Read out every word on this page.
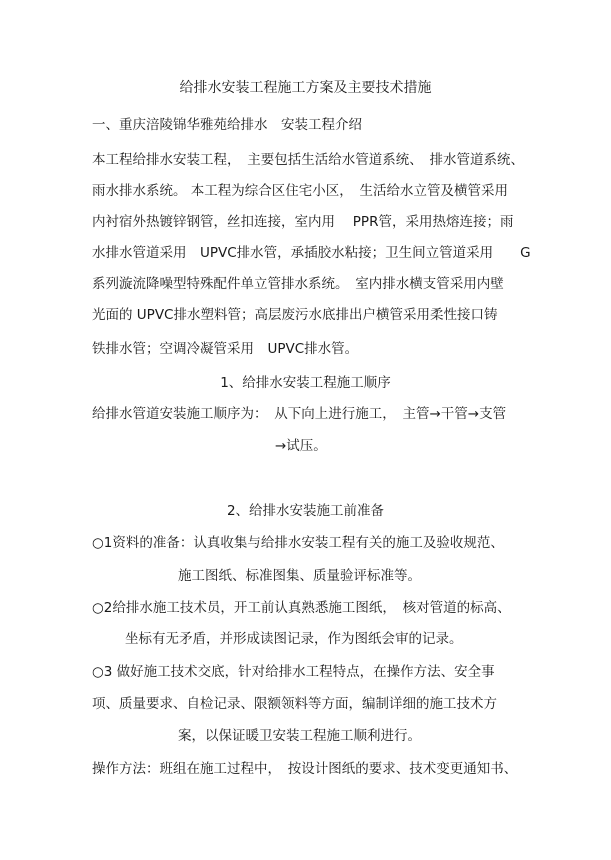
给排水安装工程施工方案及主要技术措施
一、重庆涪陵锦华雅苑给排水　安装工程介绍
本工程给排水安装工程，　主要包括生活给水管道系统、　排水管道系统、
雨水排水系统。 本工程为综合区住宅小区，　生活给水立管及横管采用
内衬宿外热镀锌钢管，丝扣连接，室内用　 PPR管，采用热熔连接；雨
水排水管道采用　UPVC排水管，承插胶水粘接；卫生间立管道采用　　G
系列漩流降噪型特殊配件单立管排水系统。　室内排水横支管采用内壁
光面的 UPVC排水塑料管；高层废污水底排出户横管采用柔性接口铸
铁排水管；空调冷凝管采用　UPVC排水管。
1、给排水安装工程施工顺序
给排水管道安装施工顺序为：　从下向上进行施工，　主管→干管→支管
→试压。
2、给排水安装施工前准备
○1资料的准备：认真收集与给排水安装工程有关的施工及验收规范、
施工图纸、标准图集、质量验评标准等。
○2给排水施工技术员，开工前认真熟悉施工图纸，　核对管道的标高、
坐标有无矛盾，并形成读图记录，作为图纸会审的记录。
○3 做好施工技术交底，针对给排水工程特点，在操作方法、安全事
项、质量要求、自检记录、限额领料等方面，编制详细的施工技术方
案，以保证暖卫安装工程施工顺利进行。
操作方法：班组在施工过程中，　按设计图纸的要求、技术变更通知书、
